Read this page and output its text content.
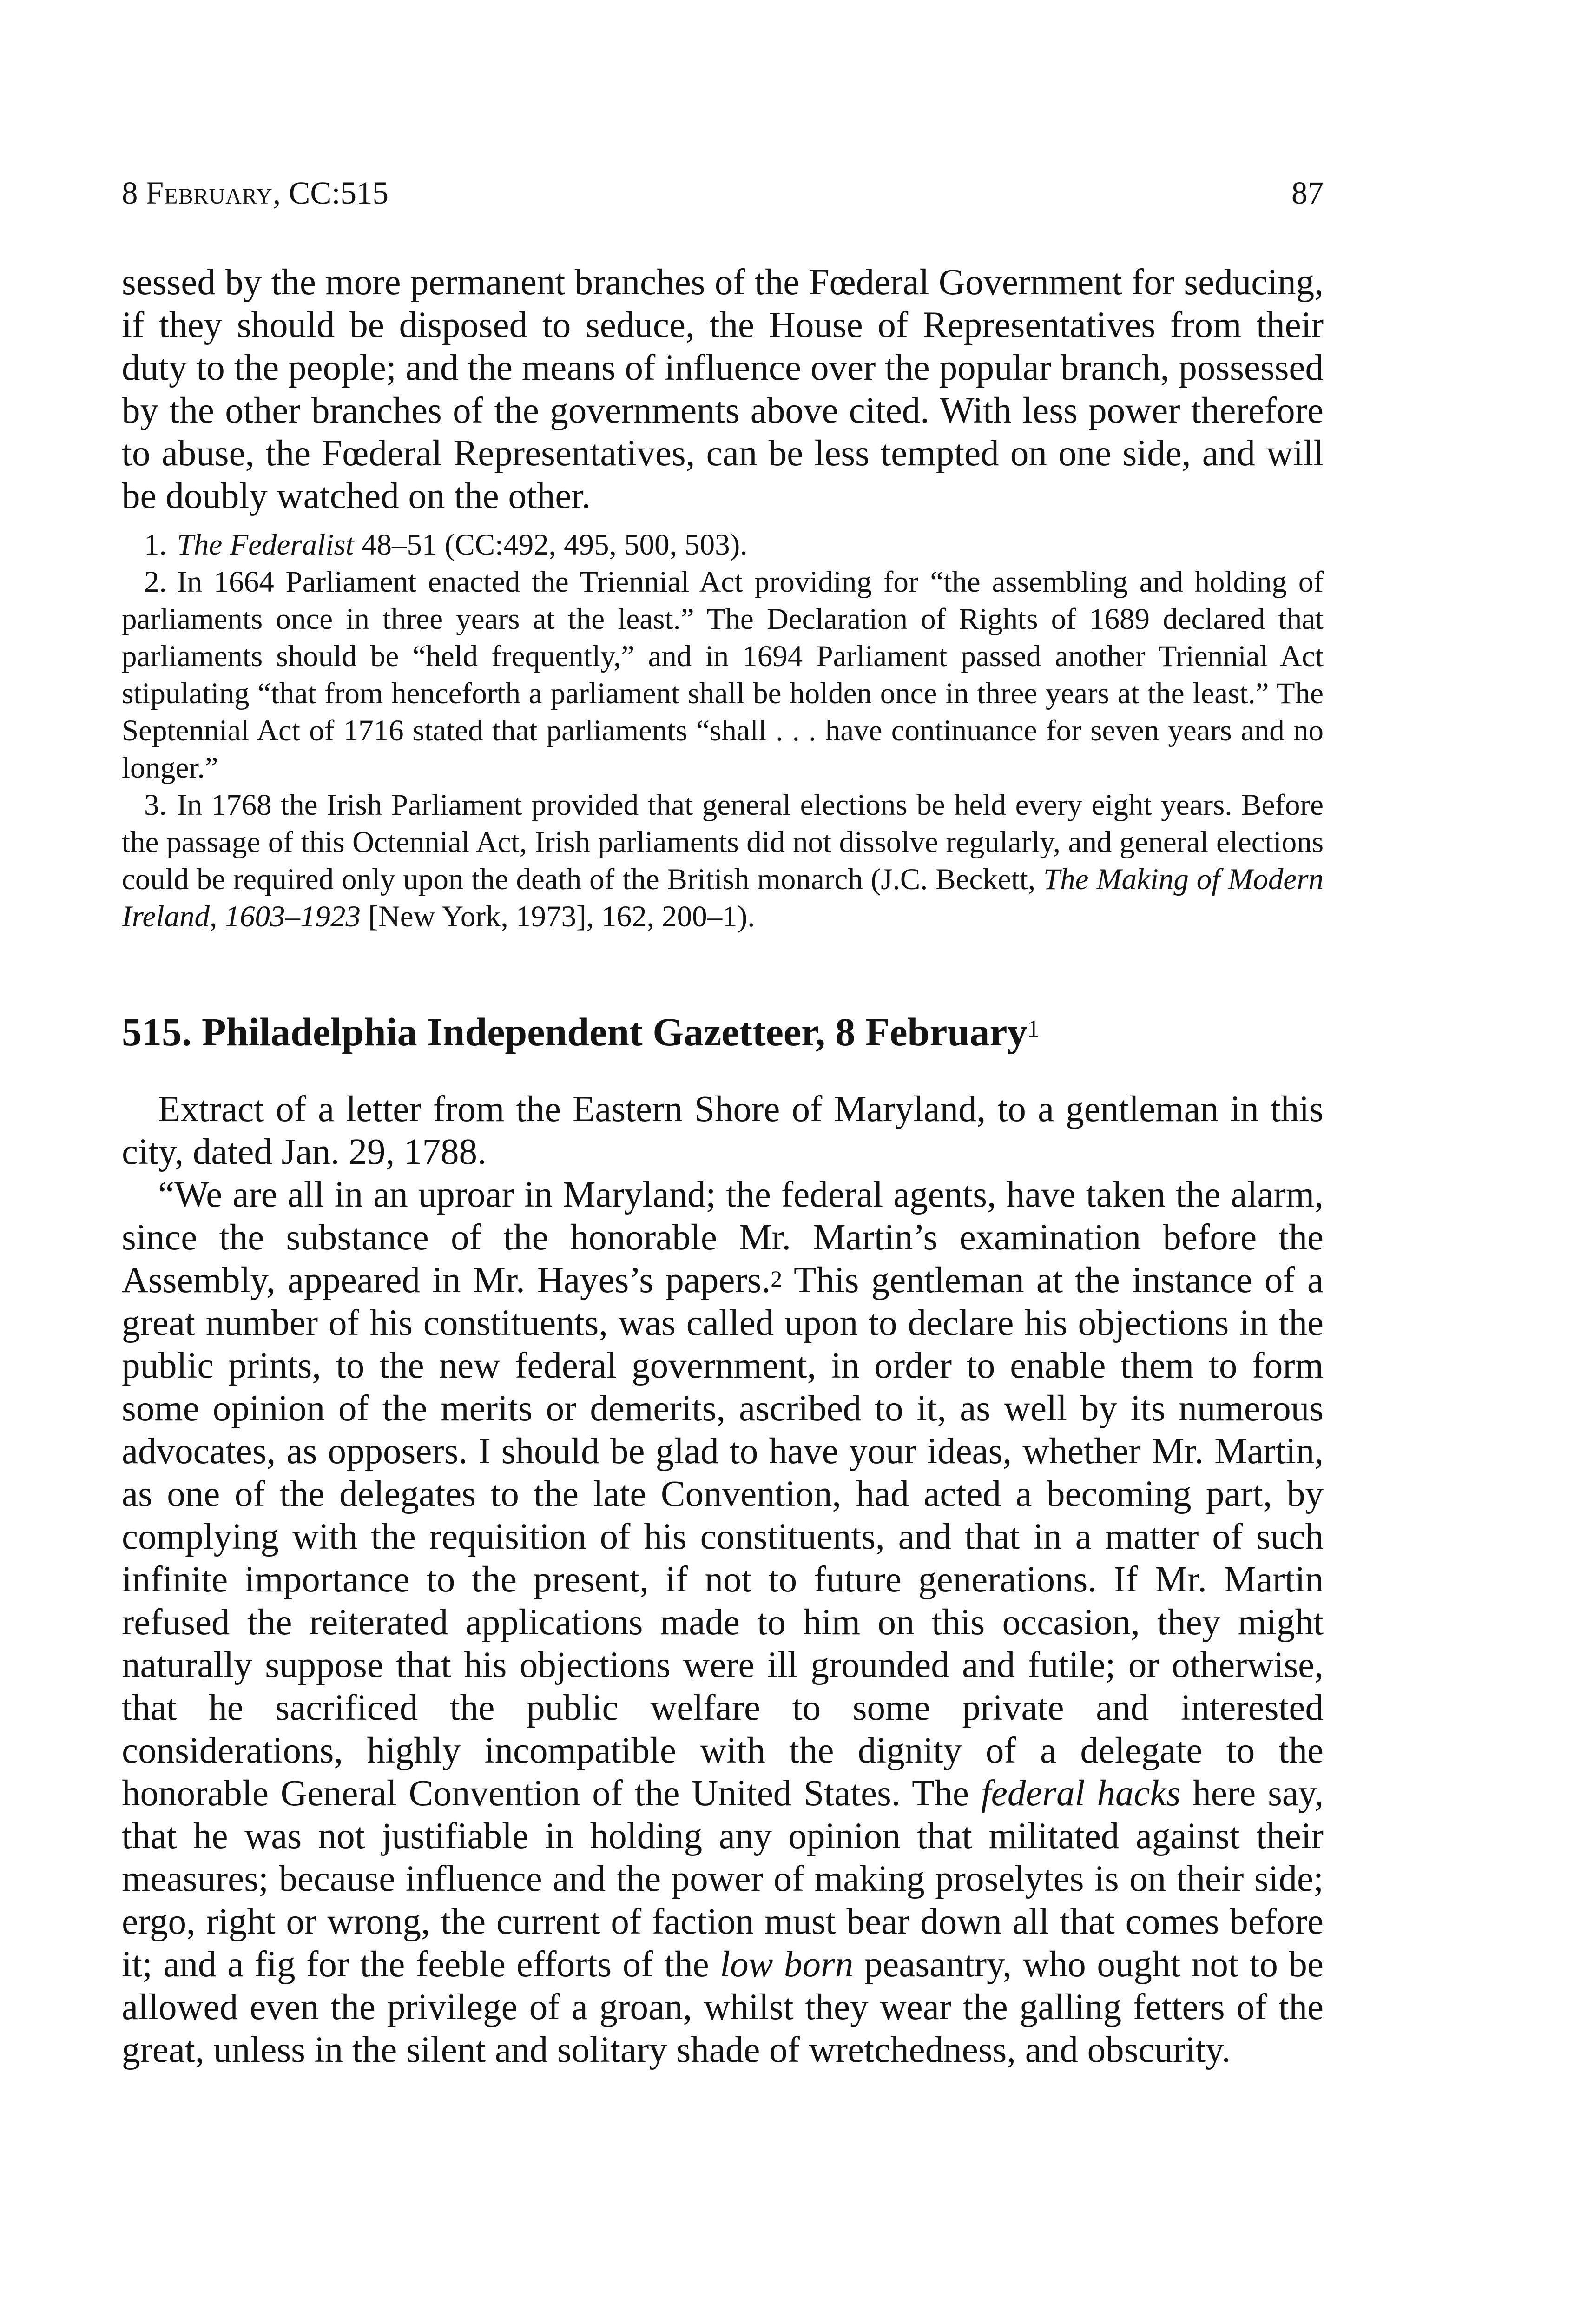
8 February, CC:515	87

sessed by the more permanent branches of the Fœderal Government for seducing, if they should be disposed to seduce, the House of Representatives from their duty to the people; and the means of influence over the popular branch, possessed by the other branches of the governments above cited. With less power therefore to abuse, the Fœderal Representatives, can be less tempted on one side, and will be doubly watched on the other.

1. The Federalist 48–51 (CC:492, 495, 500, 503).

2. In 1664 Parliament enacted the Triennial Act providing for “the assembling and holding of parliaments once in three years at the least.” The Declaration of Rights of 1689 declared that parliaments should be “held frequently,” and in 1694 Parliament passed another Triennial Act stipulating “that from henceforth a parliament shall be holden once in three years at the least.” The Septennial Act of 1716 stated that parliaments “shall . . . have continuance for seven years and no longer.”

3. In 1768 the Irish Parliament provided that general elections be held every eight years. Before the passage of this Octennial Act, Irish parliaments did not dissolve regularly, and general elections could be required only upon the death of the British monarch (J.C. Beckett, The Making of Modern Ireland, 1603–1923 [New York, 1973], 162, 200–1).

515. Philadelphia Independent Gazetteer, 8 February$^1$

Extract of a letter from the Eastern Shore of Maryland, to a gentleman in this city, dated Jan. 29, 1788.

“We are all in an uproar in Maryland; the federal agents, have taken the alarm, since the substance of the honorable Mr. Martin’s examination before the Assembly, appeared in Mr. Hayes’s papers.$^2$ This gentleman at the instance of a great number of his constituents, was called upon to declare his objections in the public prints, to the new federal government, in order to enable them to form some opinion of the merits or demerits, ascribed to it, as well by its numerous advocates, as opposers. I should be glad to have your ideas, whether Mr. Martin, as one of the delegates to the late Convention, had acted a becoming part, by complying with the requisition of his constituents, and that in a matter of such infinite importance to the present, if not to future generations. If Mr. Martin refused the reiterated applications made to him on this occasion, they might naturally suppose that his objections were ill grounded and futile; or otherwise, that he sacrificed the public welfare to some private and interested considerations, highly incompatible with the dignity of a delegate to the honorable General Convention of the United States. The federal hacks here say, that he was not justifiable in holding any opinion that militated against their measures; because influence and the power of making proselytes is on their side; ergo, right or wrong, the current of faction must bear down all that comes before it; and a fig for the feeble efforts of the low born peasantry, who ought not to be allowed even the privilege of a groan, whilst they wear the galling fetters of the great, unless in the silent and solitary shade of wretchedness, and obscurity.
